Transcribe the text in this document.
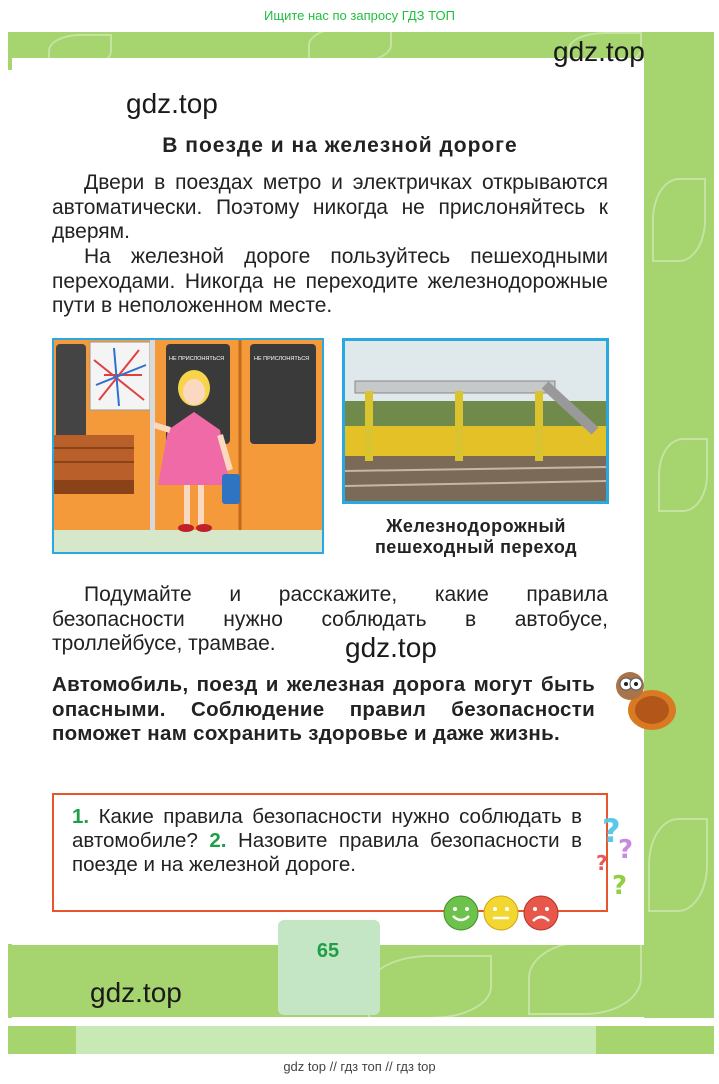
Ищите нас по запросу ГДЗ ТОП
gdz.top
gdz.top
gdz.top
gdz.top
В поезде и на железной дороге
Двери в поездах метро и электричках открываются автоматически. Поэтому никогда не прислоняйтесь к дверям.
На железной дороге пользуйтесь пешеходными переходами. Никогда не переходите железнодорожные пути в неположенном месте.
НЕ ПРИСЛОНЯТЬСЯ	НЕ ПРИСЛОНЯТЬСЯ
Железнодорожный
пешеходный переход
Подумайте и расскажите, какие правила безопасности нужно соблюдать в автобусе, троллейбусе, трамвае.
Автомобиль, поезд и железная дорога могут быть опасными. Соблюдение правил безопасности поможет нам сохранить здоровье и даже жизнь.
1. Какие правила безопасности нужно соблюдать в автомобиле? 2. Назовите правила безопасности в поезде и на железной дороге.
?
?
?
?
65
gdz top // гдз топ // гдз top
